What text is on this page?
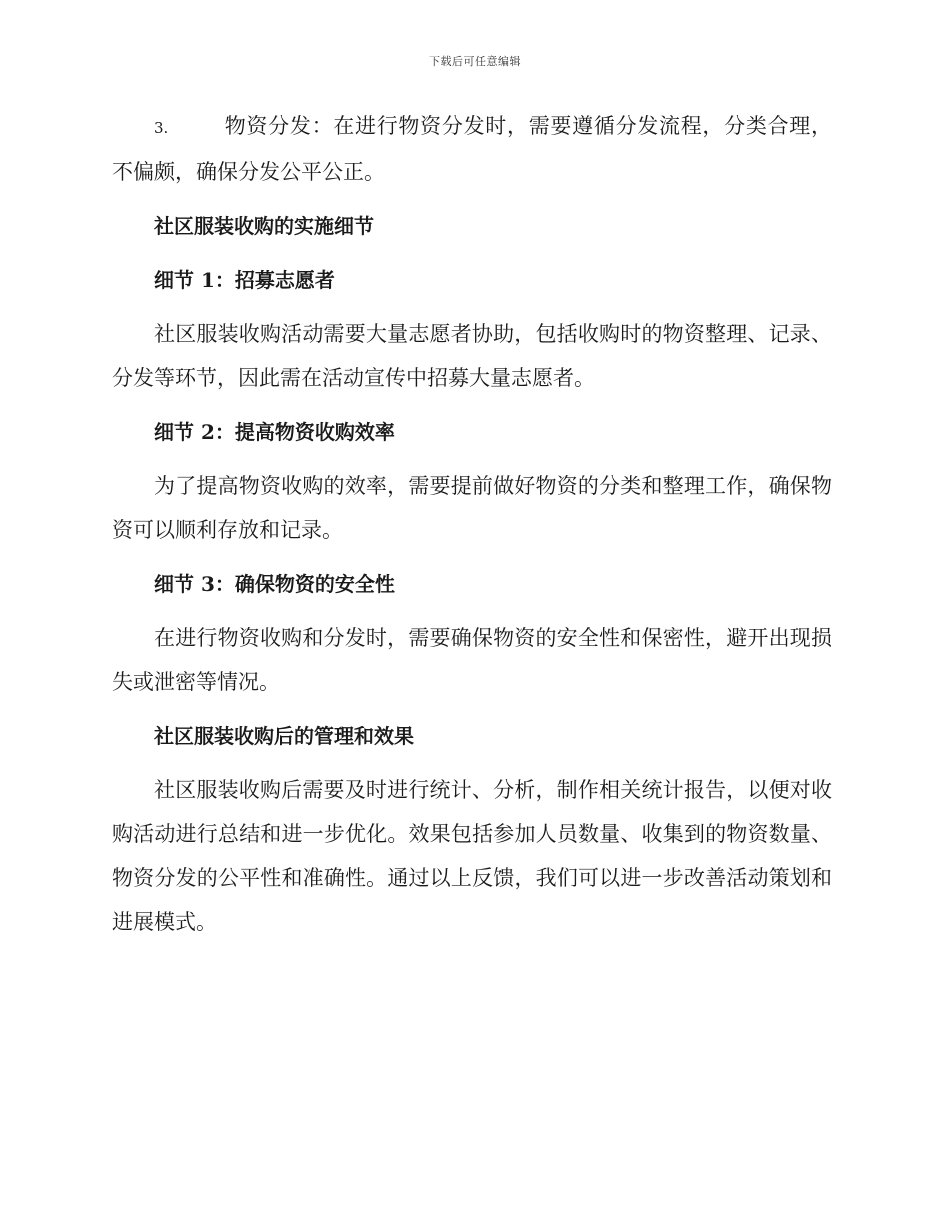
下载后可任意编辑

3.	物资分发：在进行物资分发时，需要遵循分发流程，分类合理，不偏颇，确保分发公平公正。

社区服装收购的实施细节
细节 1：招募志愿者

社区服装收购活动需要大量志愿者协助，包括收购时的物资整理、记录、分发等环节，因此需在活动宣传中招募大量志愿者。

细节 2：提高物资收购效率

为了提高物资收购的效率，需要提前做好物资的分类和整理工作，确保物资可以顺利存放和记录。

细节 3：确保物资的安全性

在进行物资收购和分发时，需要确保物资的安全性和保密性，避开出现损失或泄密等情况。

社区服装收购后的管理和效果

社区服装收购后需要及时进行统计、分析，制作相关统计报告，以便对收购活动进行总结和进一步优化。效果包括参加人员数量、收集到的物资数量、物资分发的公平性和准确性。通过以上反馈，我们可以进一步改善活动策划和进展模式。
